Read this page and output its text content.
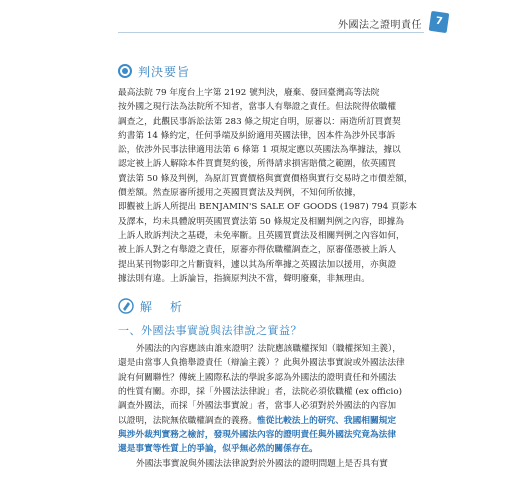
外國法之證明責任	7
判決要旨

最高法院 79 年度台上字第 2192 號判決，廢棄、發回臺灣高等法院
按外國之現行法為法院所不知者，當事人有舉證之責任。但法院得依職權
調查之，此觀民事訴訟法第 283 條之規定自明，原審以：兩造所訂買賣契
約書第 14 條約定，任何爭端及糾紛適用英國法律，因本件為涉外民事訴
訟，依涉外民事法律適用法第 6 條第 1 項規定應以英國法為準據法，據以
認定被上訴人解除本件買賣契約後，所得請求損害賠償之範圍，依英國買
賣法第 50 條及判例，為原訂買賣價格與實賣價格與實行交易時之市價差額，
價差額。然查原審所援用之英國買賣法及判例，不知何所依據，
即觀被上訴人所提出 BENJAMIN'S SALE OF GOODS (1987) 794 頁影本
及譯本，均未具體說明英國買賣法第 50 條規定及相關判例之內容，即據為
上訴人敗訴判決之基礎，未免率斷。且英國買賣法及相關判例之內容如何，
被上訴人對之有舉證之責任，原審亦得依職權調查之，原審僅憑被上訴人
提出某刊物影印之片斷資料，遽以其為所準據之英國法加以援用，亦與證
據法則有違。上訴論旨，指摘原判決不當，聲明廢棄，非無理由。

解　析
一、外國法事實說與法律說之實益？

外國法的內容應該由誰來證明？法院應該職權探知（職權探知主義），
還是由當事人負擔舉證責任（辯論主義）？此與外國法事實說或外國法法律
說有何關聯性？傳統上國際私法的學說多認為外國法的證明責任和外國法
的性質有關。亦即，採「外國法法律說」者，法院必須依職權 (ex officio)
調查外國法，而採「外國法事實說」者，當事人必須對於外國法的內容加
以證明，法院無依職權調查的義務。惟從比較法上的研究、我國相關規定
與涉外裁判實務之檢討，發現外國法內容的證明責任與外國法究竟為法律
還是事實等性質上的爭論，似乎無必然的關係存在。

外國法事實說與外國法法律說對於外國法的證明問題上是否具有實
